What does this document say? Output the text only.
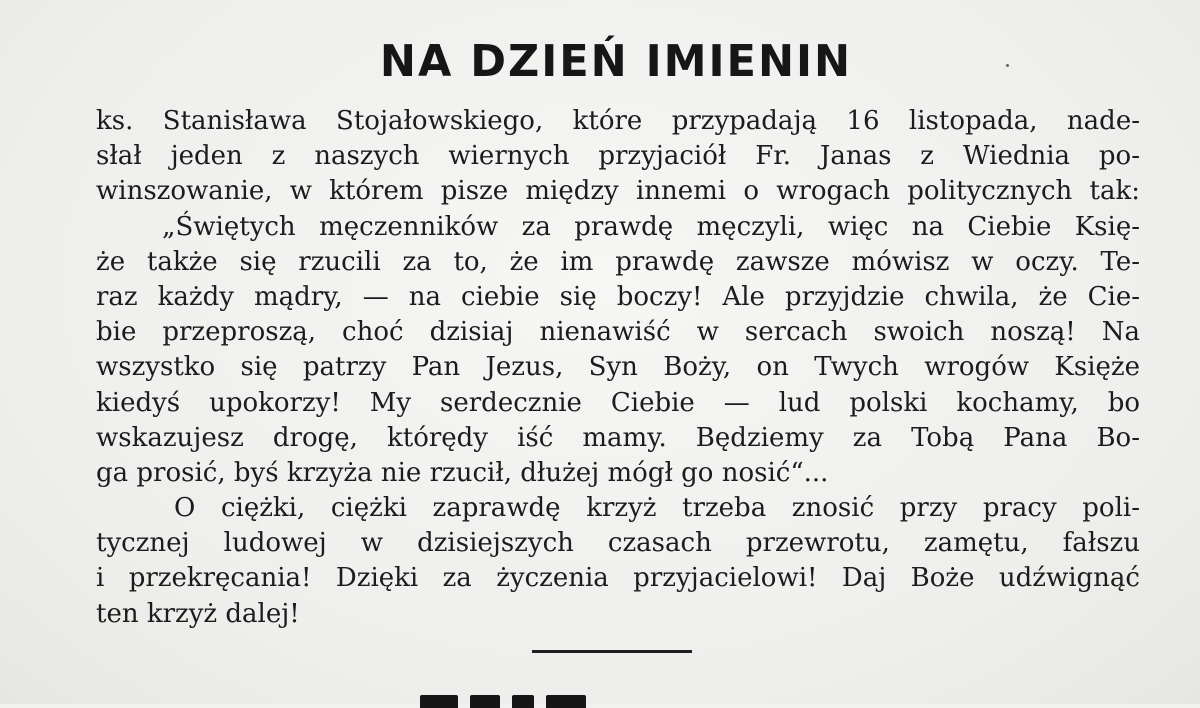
NA DZIEŃ IMIENIN
ks. Stanisława Stojałowskiego, które przypadają 16 listopada, nade-
słał jeden z naszych wiernych przyjaciół Fr. Janas z Wiednia po-
winszowanie, w którem pisze między innemi o wrogach politycznych tak:
„Świętych męczenników za prawdę męczyli, więc na Ciebie Księ-
że także się rzucili za to, że im prawdę zawsze mówisz w oczy. Te-
raz każdy mądry, — na ciebie się boczy! Ale przyjdzie chwila, że Cie-
bie przeproszą, choć dzisiaj nienawiść w sercach swoich noszą! Na
wszystko się patrzy Pan Jezus, Syn Boży, on Twych wrogów Księże
kiedyś upokorzy! My serdecznie Ciebie — lud polski kochamy, bo
wskazujesz drogę, którędy iść mamy. Będziemy za Tobą Pana Bo-
ga prosić, byś krzyża nie rzucił, dłużej mógł go nosić“...
O ciężki, ciężki zaprawdę krzyż trzeba znosić przy pracy poli-
tycznej ludowej w dzisiejszych czasach przewrotu, zamętu, fałszu
i przekręcania! Dzięki za życzenia przyjacielowi! Daj Boże udźwignąć
ten krzyż dalej!
